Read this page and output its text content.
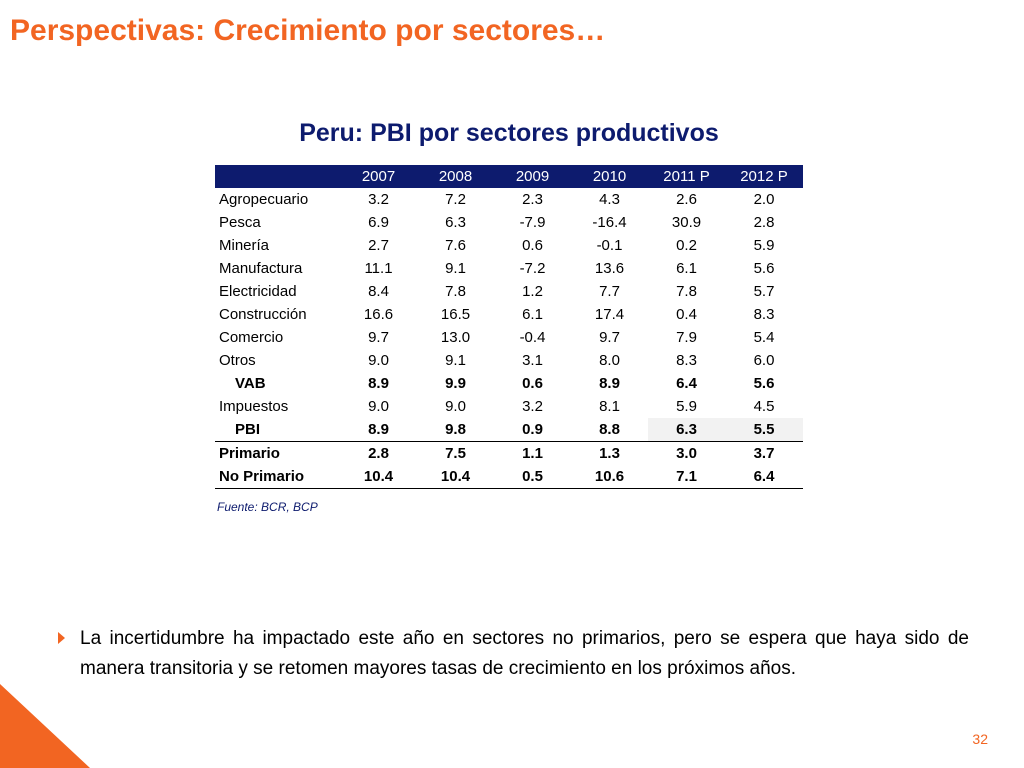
Perspectivas: Crecimiento por sectores…
Peru: PBI por sectores productivos
	2007	2008	2009	2010	2011 P	2012 P
Agropecuario	3.2	7.2	2.3	4.3	2.6	2.0
Pesca	6.9	6.3	-7.9	-16.4	30.9	2.8
Minería	2.7	7.6	0.6	-0.1	0.2	5.9
Manufactura	11.1	9.1	-7.2	13.6	6.1	5.6
Electricidad	8.4	7.8	1.2	7.7	7.8	5.7
Construcción	16.6	16.5	6.1	17.4	0.4	8.3
Comercio	9.7	13.0	-0.4	9.7	7.9	5.4
Otros	9.0	9.1	3.1	8.0	8.3	6.0
VAB	8.9	9.9	0.6	8.9	6.4	5.6
Impuestos	9.0	9.0	3.2	8.1	5.9	4.5
PBI	8.9	9.8	0.9	8.8	6.3	5.5
Primario	2.8	7.5	1.1	1.3	3.0	3.7
No Primario	10.4	10.4	0.5	10.6	7.1	6.4
Fuente: BCR, BCP
La incertidumbre ha impactado este año en sectores no primarios, pero se espera que haya sido de manera transitoria y se retomen mayores tasas de crecimiento en los próximos años.
32
